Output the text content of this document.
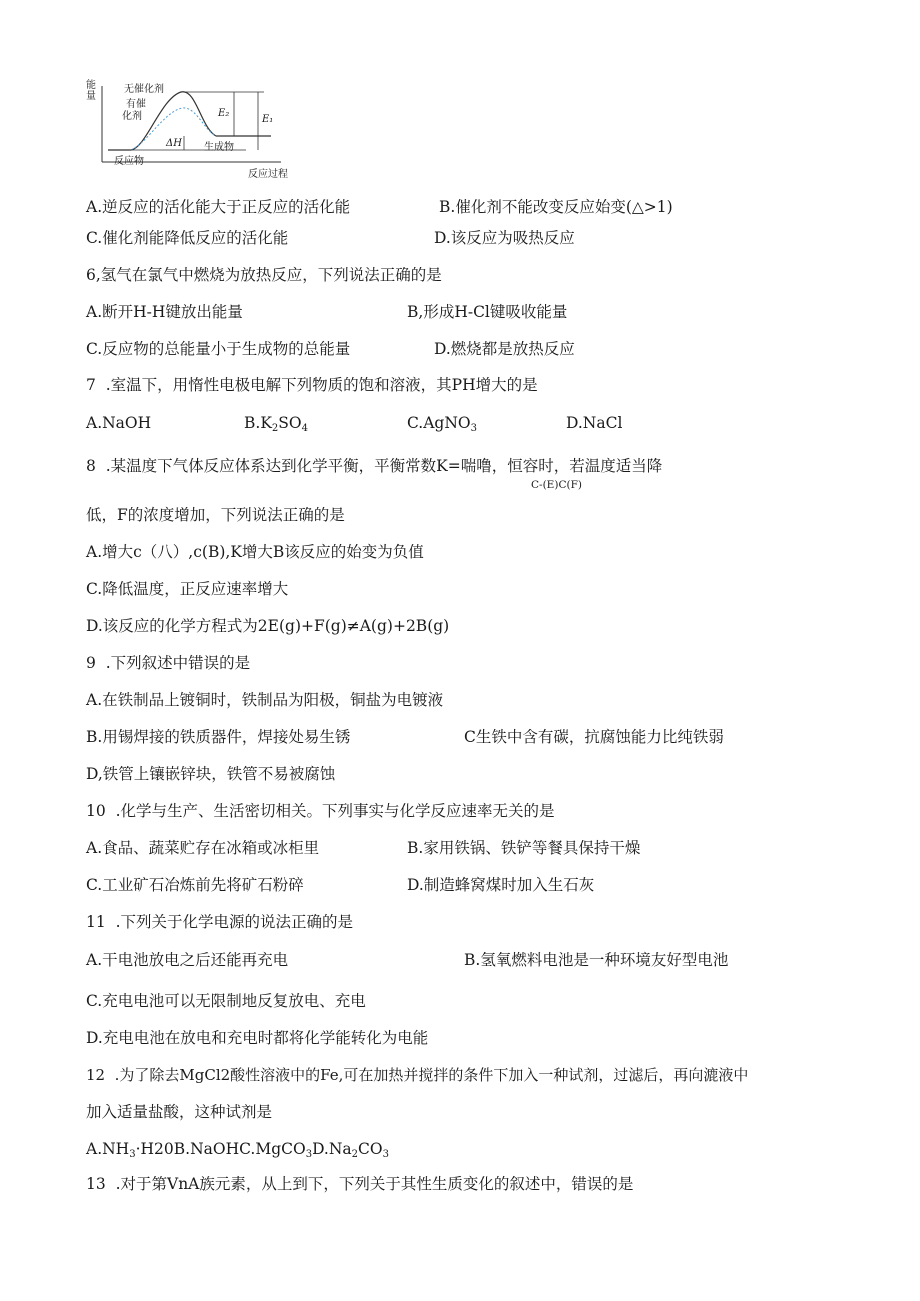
能量
无催化剂
有催
化剂	E₂
E₁
ΔH 生成物
反应物
反应过程
A.逆反应的活化能大于正反应的活化能	B.催化剂不能改变反应始变(△>1)
C.催化剂能降低反应的活化能	D.该反应为吸热反应
6,氢气在氯气中燃烧为放热反应，下列说法正确的是
A.断开H-H键放出能量	B,形成H-Cl键吸收能量
C.反应物的总能量小于生成物的总能量	D.燃烧都是放热反应
7  .室温下，用惰性电极电解下列物质的饱和溶液，其PH增大的是
A.NaOH	$B.K_2SO_4$	C.AgNO$_3$	D.NaCl
8  .某温度下气体反应体系达到化学平衡，平衡常数K=喘噜，恒容时，若温度适当降
C-(E)C(F)
低，F的浓度增加，下列说法正确的是
A.增大c（八）,c(B),K增大B该反应的始变为负值
C.降低温度，正反应速率增大
D.该反应的化学方程式为2E(g)+F(g)≠A(g)+2B(g)
9  .下列叙述中错误的是
A.在铁制品上镀铜时，铁制品为阳极，铜盐为电镀液
B.用锡焊接的铁质器件，焊接处易生锈	C生铁中含有碳，抗腐蚀能力比纯铁弱
D,铁管上镶嵌锌块，铁管不易被腐蚀
10  .化学与生产、生活密切相关。下列事实与化学反应速率无关的是
A.食品、蔬菜贮存在冰箱或冰柜里	B.家用铁锅、铁铲等餐具保持干燥
C.工业矿石冶炼前先将矿石粉碎	D.制造蜂窝煤时加入生石灰
11  .下列关于化学电源的说法正确的是
A.干电池放电之后还能再充电	B.氢氧燃料电池是一种环境友好型电池
C.充电电池可以无限制地反复放电、充电
D.充电电池在放电和充电时都将化学能转化为电能
12  .为了除去MgCl2酸性溶液中的Fe,可在加热并搅拌的条件下加入一种试剂，过滤后，再向漉液中
加入适量盐酸，这种试剂是
$A.NH_3\cdot H20B.NaOHC.MgCO_3D.Na_2CO_3$
13  .对于第VnA族元素，从上到下，下列关于其性生质变化的叙述中，错误的是
